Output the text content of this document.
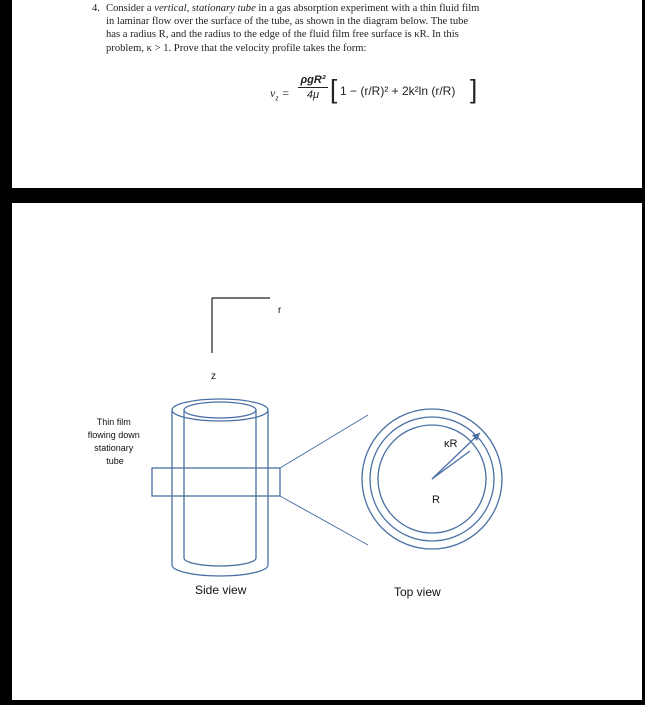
4. Consider a vertical, stationary tube in a gas absorption experiment with a thin fluid film

in laminar flow over the surface of the tube, as shown in the diagram below. The tube

has a radius R, and the radius to the edge of the fluid film free surface is κR. In this

problem, κ > 1. Prove that the velocity profile takes the form:

$v_z$ =
ρgR²
4μ [ 1 − (r/R)² + 2k²ln (r/R) ]
r
z
Thin film flowing down stationary tube
κR
R
Side view	Top view
